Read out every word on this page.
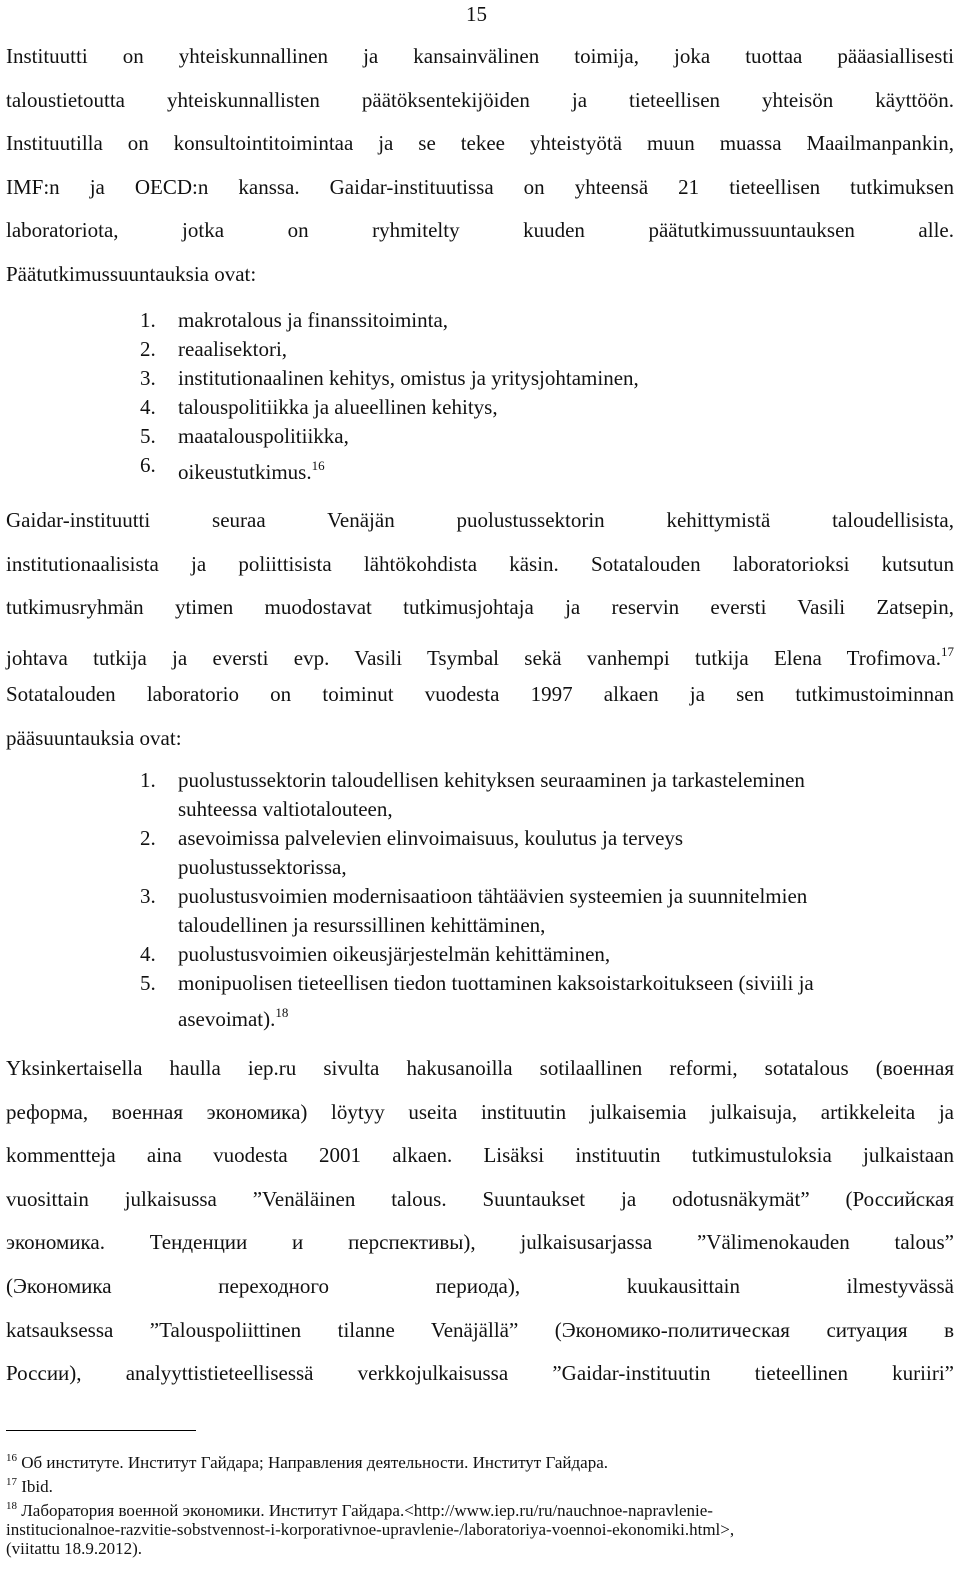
15
Instituutti on yhteiskunnallinen ja kansainvälinen toimija, joka tuottaa pääasiallisesti
taloustietoutta yhteiskunnallisten päätöksentekijöiden ja tieteellisen yhteisön käyttöön.
Instituutilla on konsultointitoimintaa ja se tekee yhteistyötä muun muassa Maailmanpankin,
IMF:n ja OECD:n kanssa. Gaidar-instituutissa on yhteensä 21 tieteellisen tutkimuksen
laboratoriota, jotka on ryhmitelty kuuden päätutkimussuuntauksen alle.
Päätutkimussuuntauksia ovat:
1. makrotalous ja finanssitoiminta,
2. reaalisektori,
3. institutionaalinen kehitys, omistus ja yritysjohtaminen,
4. talouspolitiikka ja alueellinen kehitys,
5. maatalouspolitiikka,
6. oikeustutkimus.$^{16}$
Gaidar-instituutti seuraa Venäjän puolustussektorin kehittymistä taloudellisista,
institutionaalisista ja poliittisista lähtökohdista käsin. Sotatalouden laboratorioksi kutsutun
tutkimusryhmän ytimen muodostavat tutkimusjohtaja ja reservin eversti Vasili Zatsepin,
johtava tutkija ja eversti evp. Vasili Tsymbal sekä vanhempi tutkija Elena Trofimova.$^{17}$
Sotatalouden laboratorio on toiminut vuodesta 1997 alkaen ja sen tutkimustoiminnan
pääsuuntauksia ovat:
1. puolustussektorin taloudellisen kehityksen seuraaminen ja tarkasteleminen
suhteessa valtiotalouteen,
2. asevoimissa palvelevien elinvoimaisuus, koulutus ja terveys
puolustussektorissa,
3. puolustusvoimien modernisaatioon tähtäävien systeemien ja suunnitelmien
taloudellinen ja resurssillinen kehittäminen,
4. puolustusvoimien oikeusjärjestelmän kehittäminen,
5. monipuolisen tieteellisen tiedon tuottaminen kaksoistarkoitukseen (siviili ja
asevoimat).$^{18}$
Yksinkertaisella haulla iep.ru sivulta hakusanoilla sotilaallinen reformi, sotatalous (военная
реформа, военная экономика) löytyy useita instituutin julkaisemia julkaisuja, artikkeleita ja
kommentteja aina vuodesta 2001 alkaen. Lisäksi instituutin tutkimustuloksia julkaistaan
vuosittain julkaisussa ”Venäläinen talous. Suuntaukset ja odotusnäkymät” (Российская
экономика. Тенденции и перспективы), julkaisusarjassa ”Välimenokauden talous”
(Экономика переходного периода), kuukausittain ilmestyvässä
katsauksessa ”Talouspoliittinen tilanne Venäjällä” (Экономико-политическая ситуация в
России), analyyttistieteellisessä verkkojulkaisussa ”Gaidar-instituutin tieteellinen kuriiri”
$^{16}$ Об институте. Институт Гайдара; Направления деятельности. Институт Гайдара.
$^{17}$ Ibid.
$^{18}$ Лаборатория военной экономики. Институт Гайдара.<http://www.iep.ru/ru/nauchnoe-napravlenie-
institucionalnoe-razvitie-sobstvennost-i-korporativnoe-upravlenie-/laboratoriya-voennoi-ekonomiki.html>,
(viitattu 18.9.2012).
